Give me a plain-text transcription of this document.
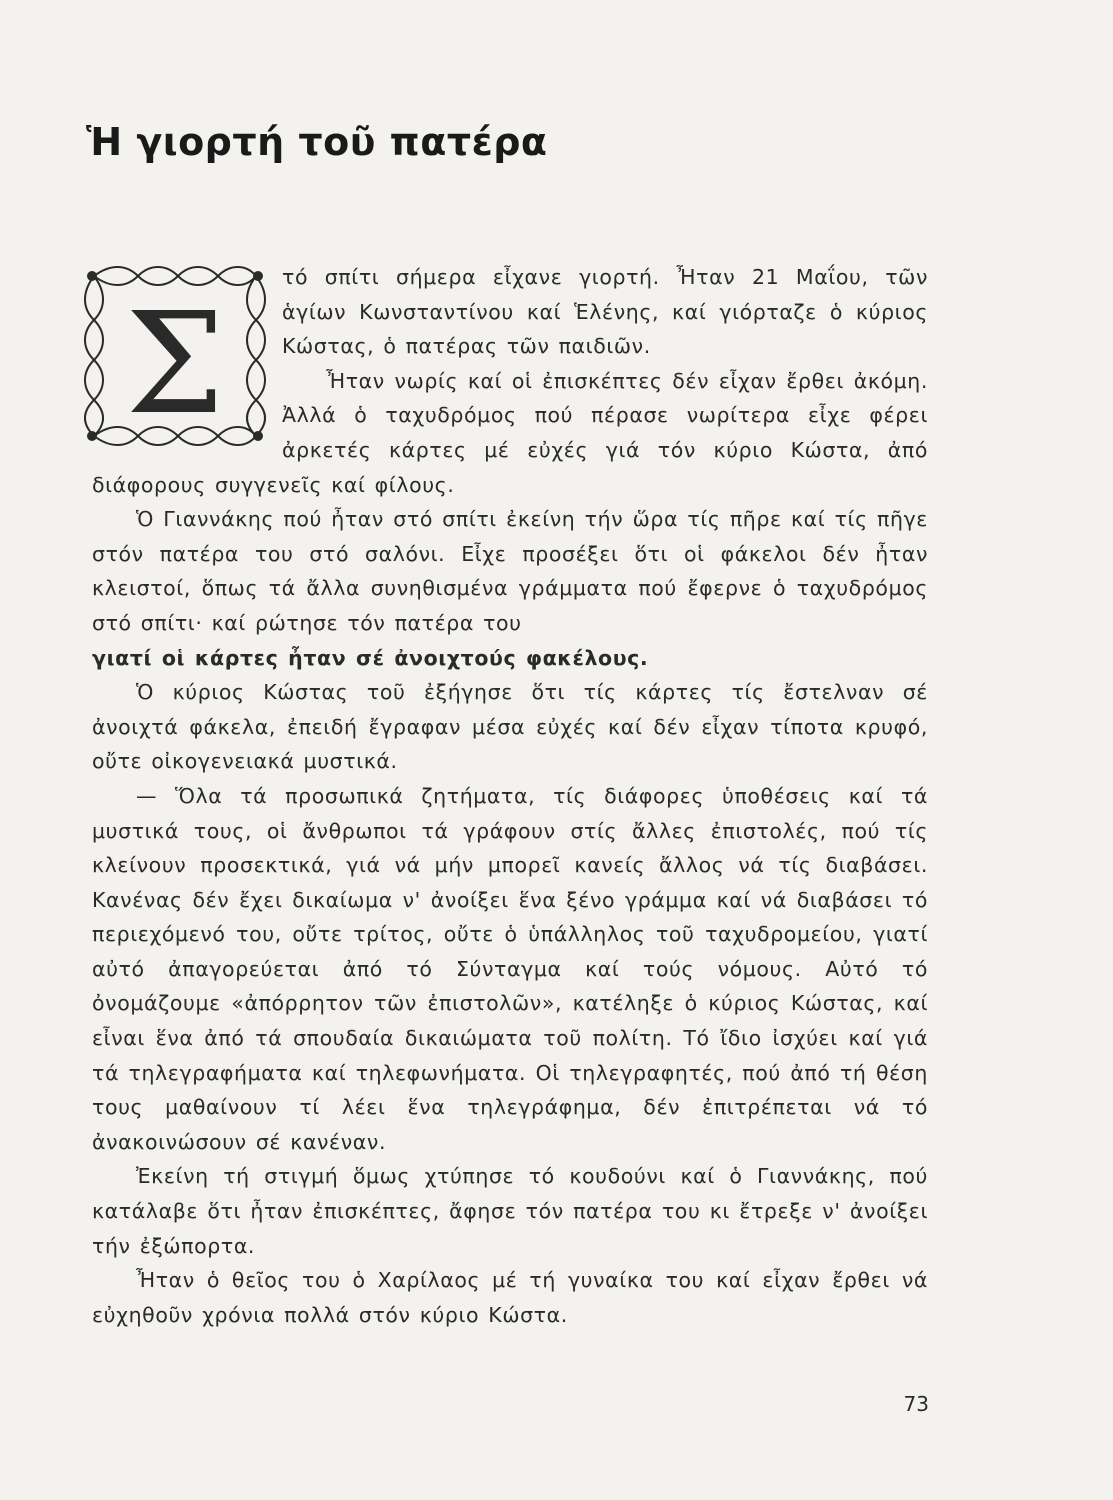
Ἡ γιορτή τοῦ πατέρα
Σ

τό σπίτι σήμερα εἶχανε γιορτή. Ἦταν 21 Μαΐου, τῶν ἁγίων Κωνσταντίνου καί Ἑλένης, καί γιόρταζε ὁ κύριος Κώστας, ὁ πατέρας τῶν παιδιῶν.

Ἦταν νωρίς καί οἱ ἐπισκέπτες δέν εἶχαν ἔρθει ἀκόμη. Ἀλλά ὁ ταχυδρόμος πού πέρασε νωρίτερα εἶχε φέρει ἀρκετές κάρτες μέ εὐχές γιά τόν κύριο Κώστα, ἀπό διάφορους συγγενεῖς καί φίλους.

Ὁ Γιαννάκης πού ἦταν στό σπίτι ἐκείνη τήν ὥρα τίς πῆρε καί τίς πῆγε στόν πατέρα του στό σαλόνι. Εἶχε προσέξει ὅτι οἱ φάκελοι δέν ἦταν κλειστοί, ὅπως τά ἄλλα συνηθισμένα γράμματα πού ἔφερνε ὁ ταχυδρόμος στό σπίτι· καί ρώτησε τόν πατέρα του

γιατί οἱ κάρτες ἦταν σέ ἀνοιχτούς φακέλους.

Ὁ κύριος Κώστας τοῦ ἐξήγησε ὅτι τίς κάρτες τίς ἔστελναν σέ ἀνοιχτά φάκελα, ἐπειδή ἔγραφαν μέσα εὐχές καί δέν εἶχαν τίποτα κρυφό, οὔτε οἰκογενειακά μυστικά.

— Ὅλα τά προσωπικά ζητήματα, τίς διάφορες ὑποθέσεις καί τά μυστικά τους, οἱ ἄνθρωποι τά γράφουν στίς ἄλλες ἐπιστολές, πού τίς κλείνουν προσεκτικά, γιά νά μήν μπορεῖ κανείς ἄλλος νά τίς διαβάσει. Κανένας δέν ἔχει δικαίωμα ν' ἀνοίξει ἕνα ξένο γράμμα καί νά διαβάσει τό περιεχόμενό του, οὔτε τρίτος, οὔτε ὁ ὑπάλληλος τοῦ ταχυδρομείου, γιατί αὐτό ἀπαγορεύεται ἀπό τό Σύνταγμα καί τούς νόμους. Αὐτό τό ὀνομάζουμε «ἀπόρρητον τῶν ἐπιστολῶν», κατέληξε ὁ κύριος Κώστας, καί εἶναι ἕνα ἀπό τά σπουδαία δικαιώματα τοῦ πολίτη. Τό ἴδιο ἰσχύει καί γιά τά τηλεγραφήματα καί τηλεφωνήματα. Οἱ τηλεγραφητές, πού ἀπό τή θέση τους μαθαίνουν τί λέει ἕνα τηλεγράφημα, δέν ἐπιτρέπεται νά τό ἀνακοινώσουν σέ κανέναν.

Ἐκείνη τή στιγμή ὅμως χτύπησε τό κουδούνι καί ὁ Γιαννάκης, πού κατάλαβε ὅτι ἦταν ἐπισκέπτες, ἄφησε τόν πατέρα του κι ἔτρεξε ν' ἀνοίξει τήν ἐξώπορτα.

Ἦταν ὁ θεῖος του ὁ Χαρίλαος μέ τή γυναίκα του καί εἶχαν ἔρθει νά εὐχηθοῦν χρόνια πολλά στόν κύριο Κώστα.

73
